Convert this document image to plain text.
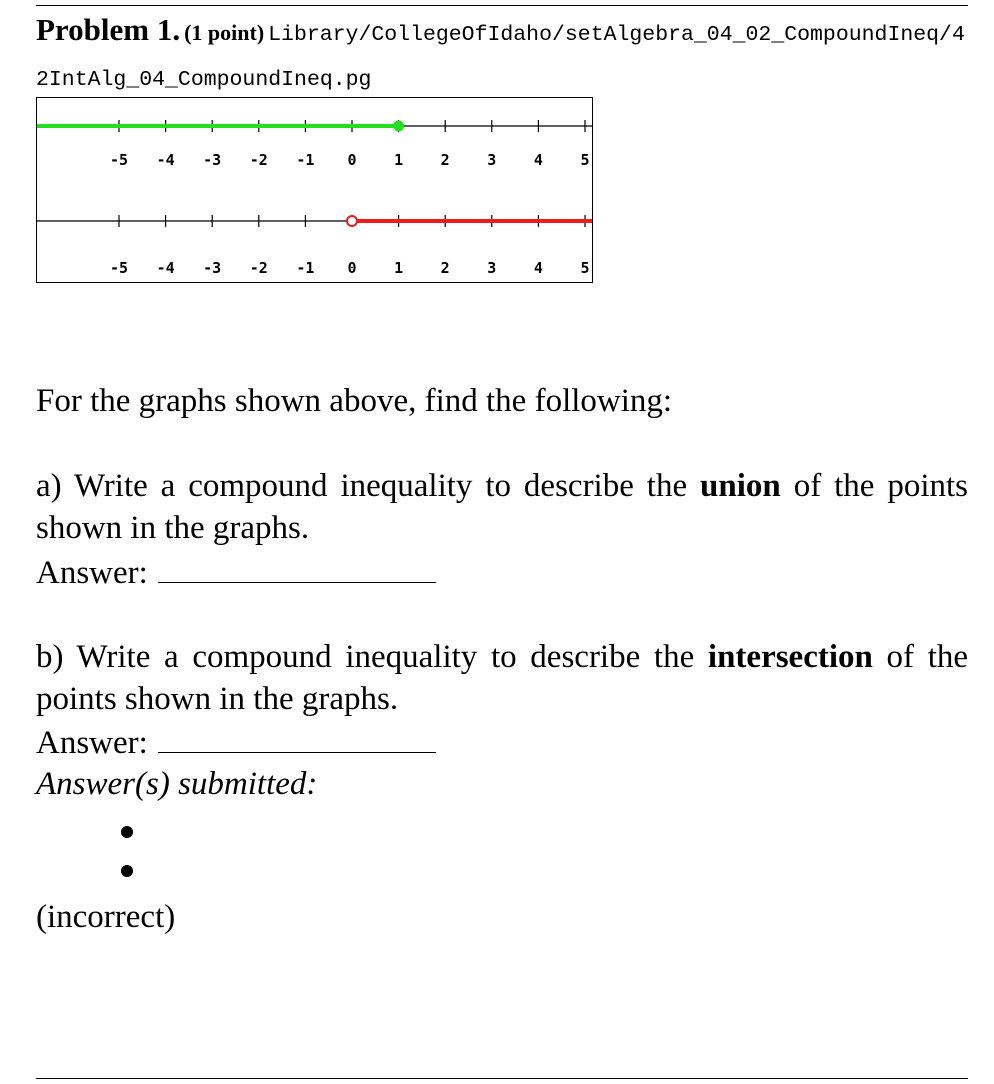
Problem 1. (1 point) Library/CollegeOfIdaho/setAlgebra_04_02_CompoundIneq/42IntAlg_04_CompoundIneq.pg
-5 -4 -3 -2 -1 0	1	2	3	4	5
-5 -4 -3 -2 -1 0	1	2	3	4	5
For the graphs shown above, find the following:
a) Write a compound inequality to describe the union of the points shown in the graphs.
Answer:
b) Write a compound inequality to describe the intersection of the points shown in the graphs.
Answer:
Answer(s) submitted:
(incorrect)
